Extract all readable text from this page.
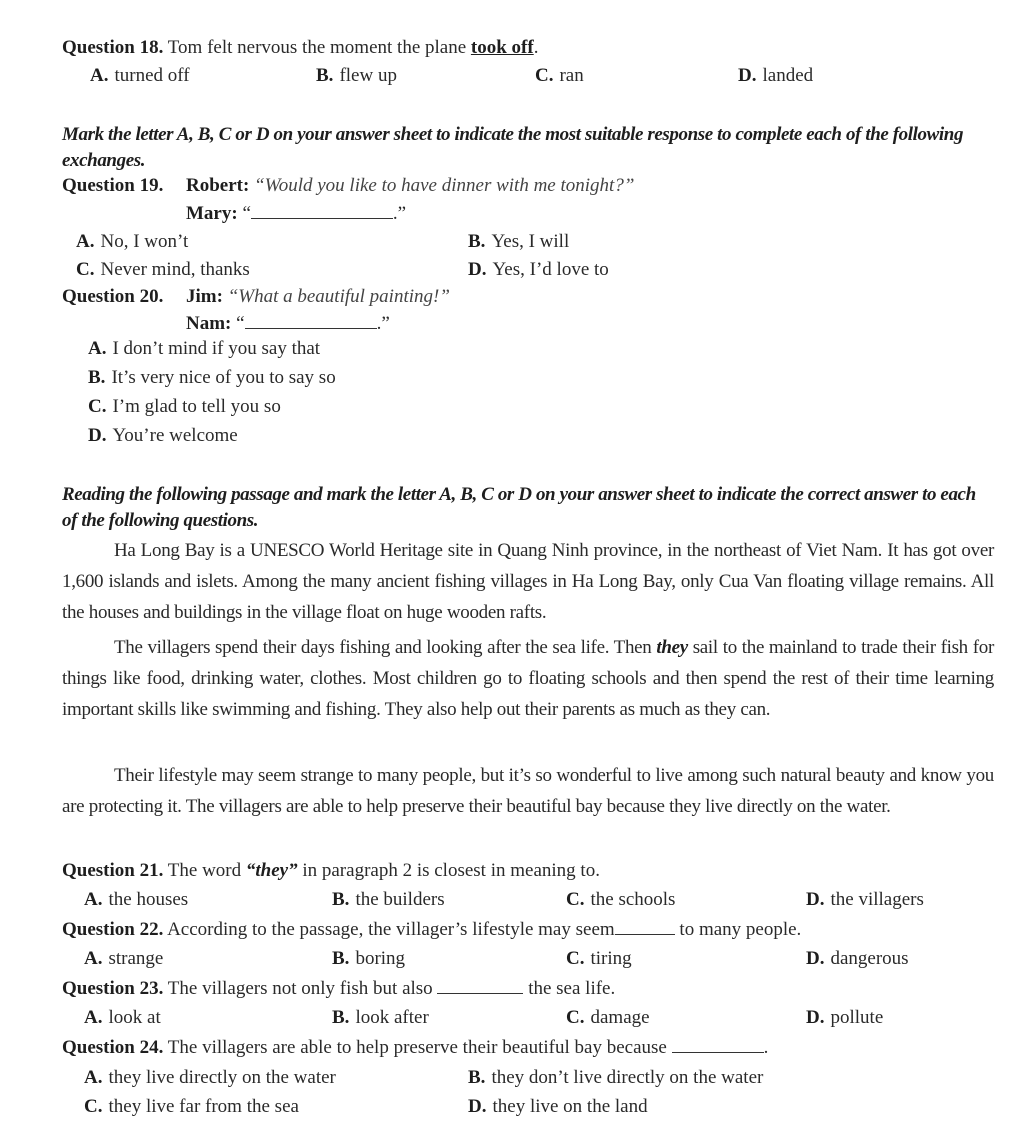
Question 18. Tom felt nervous the moment the plane took off.
A. turned off	B. flew up	C. ran	D. landed
Mark the letter A, B, C or D on your answer sheet to indicate the most suitable response to complete each of the following exchanges.
Question 19. Robert: “Would you like to have dinner with me tonight?”
Mary: “	.”
A. No, I won’t	B. Yes, I will
C. Never mind, thanks	D. Yes, I’d love to
Question 20. Jim: “What a beautiful painting!”
Nam: “	.”
A. I don’t mind if you say that
B. It’s very nice of you to say so
C. I’m glad to tell you so
D. You’re welcome
Reading the following passage and mark the letter A, B, C or D on your answer sheet to indicate the correct answer to each of the following questions.
Ha Long Bay is a UNESCO World Heritage site in Quang Ninh province, in the northeast of Viet Nam. It has got over 1,600 islands and islets. Among the many ancient fishing villages in Ha Long Bay, only Cua Van floating village remains. All the houses and buildings in the village float on huge wooden rafts.
The villagers spend their days fishing and looking after the sea life. Then they sail to the mainland to trade their fish for things like food, drinking water, clothes. Most children go to floating schools and then spend the rest of their time learning important skills like swimming and fishing. They also help out their parents as much as they can.
Their lifestyle may seem strange to many people, but it’s so wonderful to live among such natural beauty and know you are protecting it. The villagers are able to help preserve their beautiful bay because they live directly on the water.
Question 21. The word “they” in paragraph 2 is closest in meaning to.
A. the houses	B. the builders	C. the schools	D. the villagers
Question 22. According to the passage, the villager’s lifestyle may seem	to many people.
A. strange	B. boring	C. tiring	D. dangerous
Question 23. The villagers not only fish but also	the sea life.
A. look at	B. look after	C. damage	D. pollute
Question 24. The villagers are able to help preserve their beautiful bay because	.
A. they live directly on the water	B. they don’t live directly on the water
C. they live far from the sea	D. they live on the land
